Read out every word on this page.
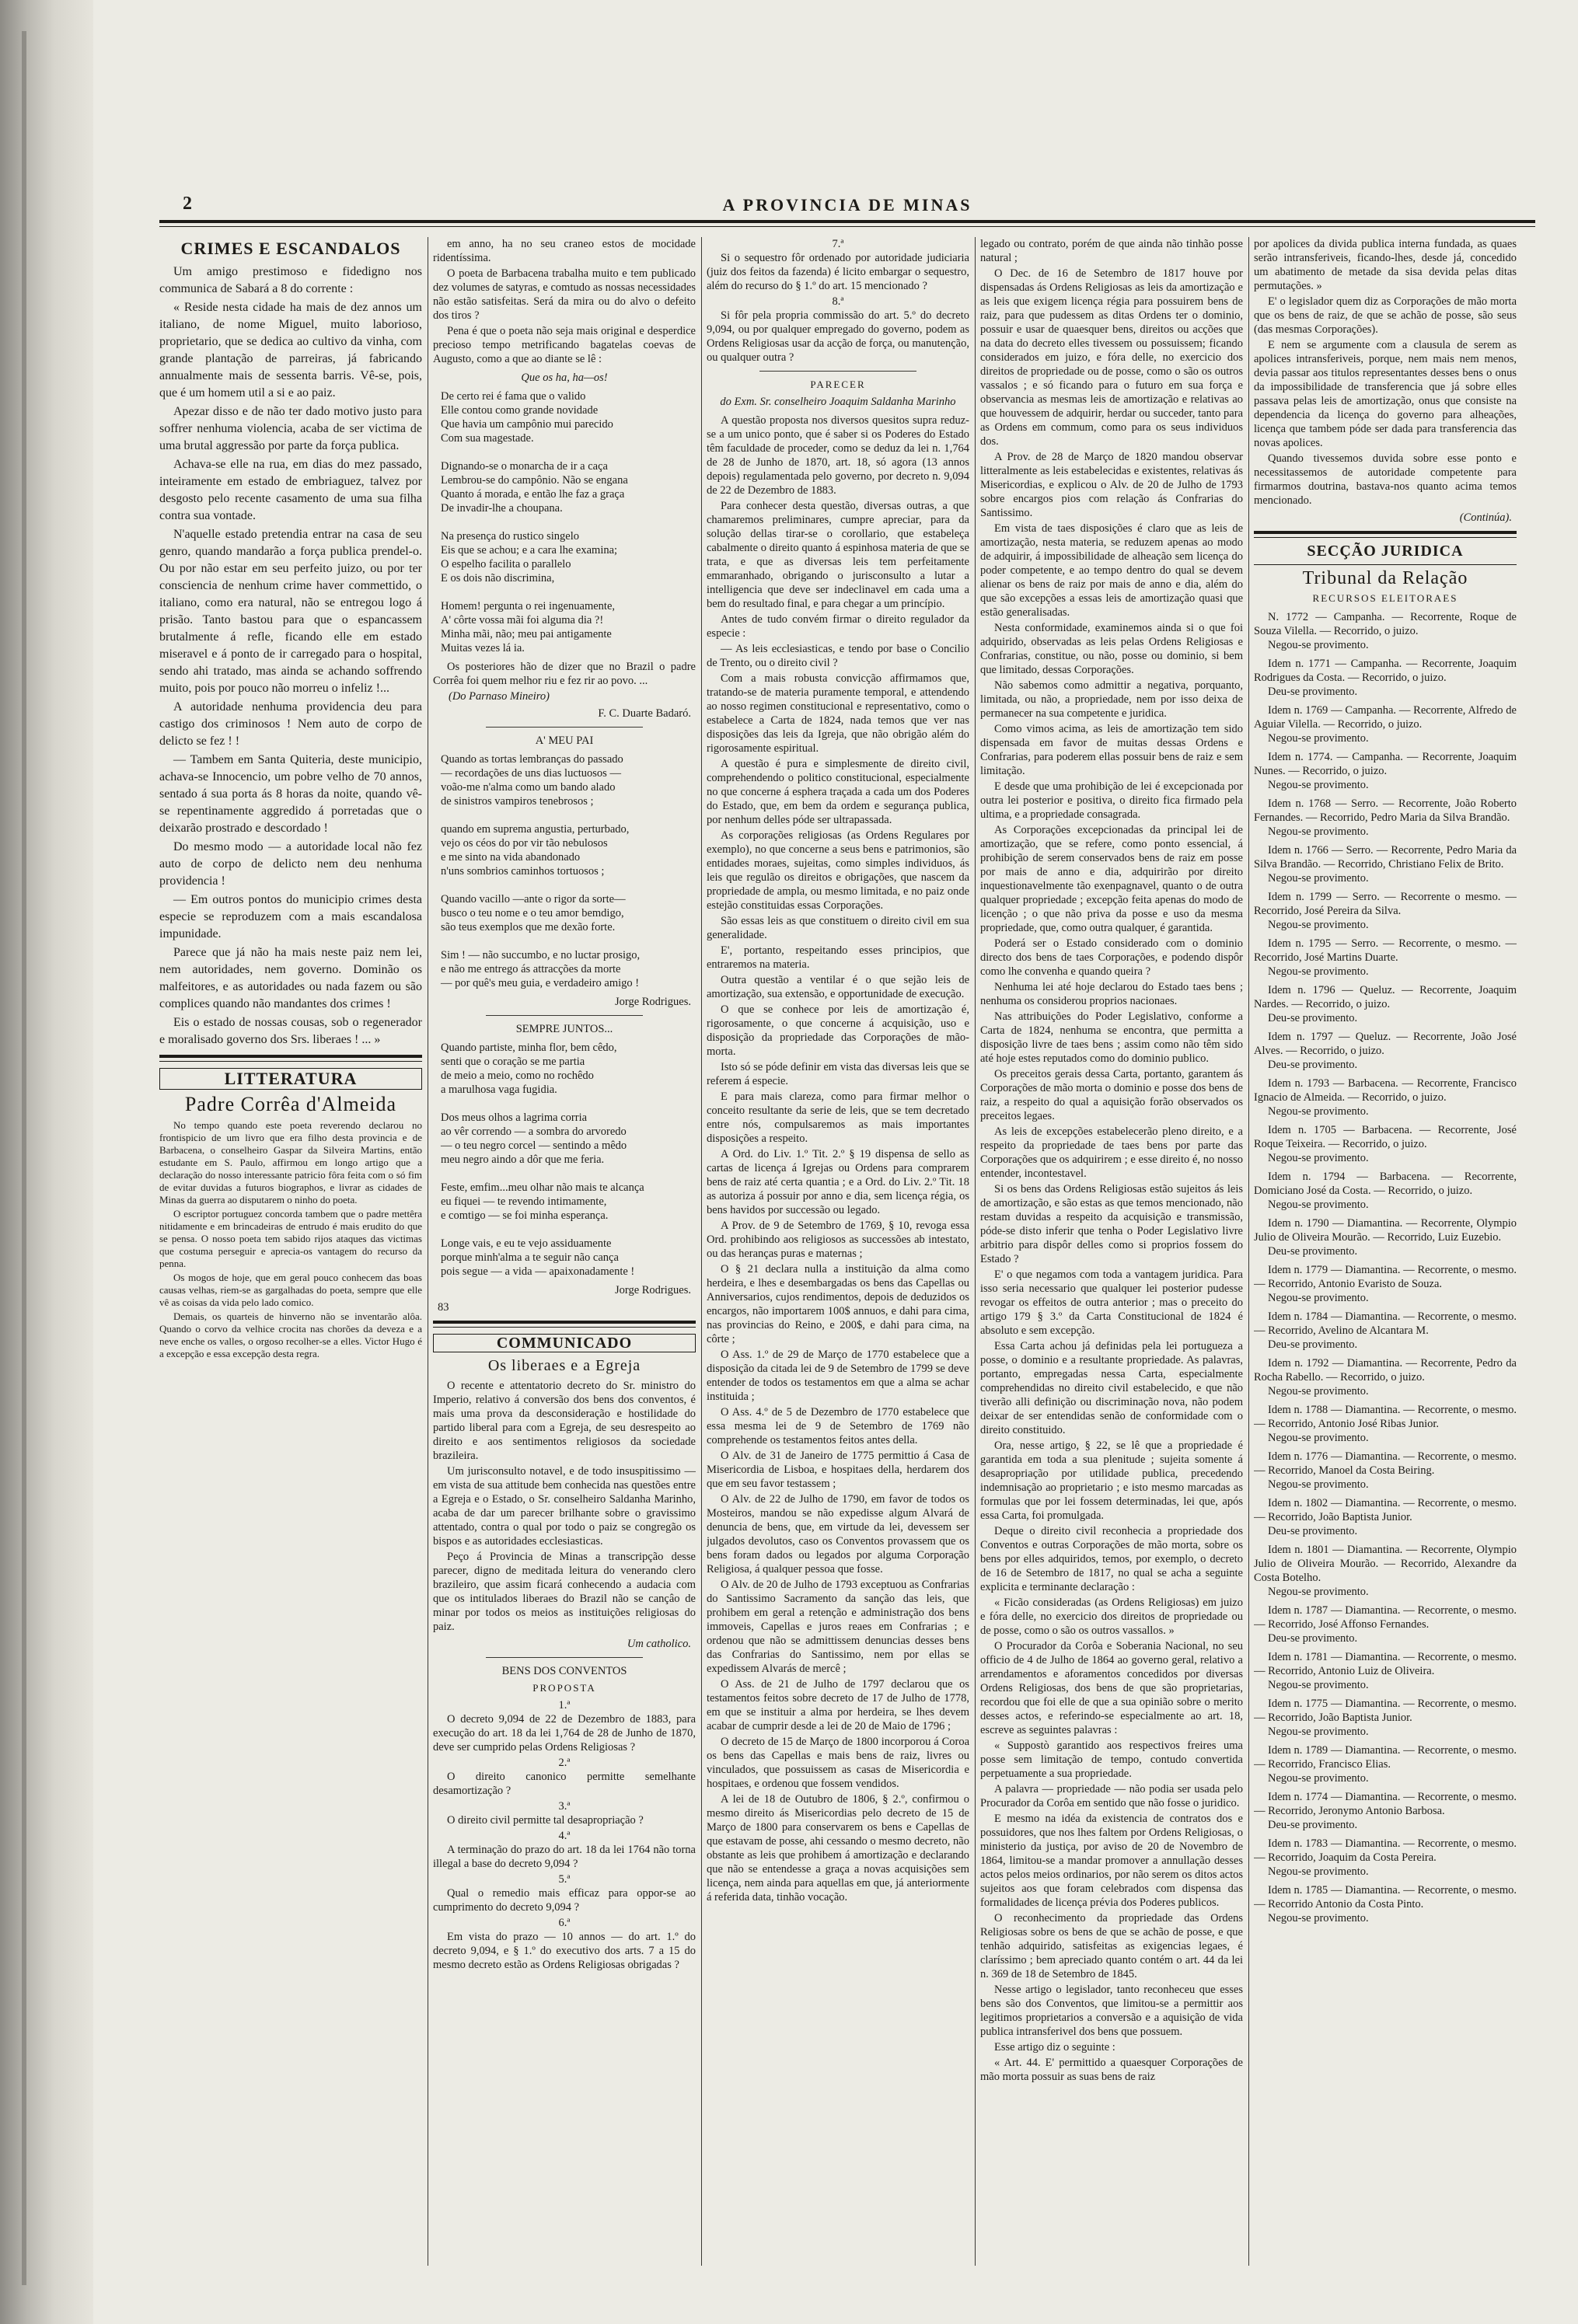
2	A PROVINCIA DE MINAS
CRIMES E ESCANDALOS

Um amigo prestimoso e fidedigno nos communica de Sabará a 8 do corrente :

« Reside nesta cidade ha mais de dez annos um italiano, de nome Miguel, muito laborioso, proprietario, que se dedica ao cultivo da vinha, com grande plantação de parreiras, já fabricando annualmente mais de sessenta barris. Vê-se, pois, que é um homem util a si e ao paiz.

Apezar disso e de não ter dado motivo justo para soffrer nenhuma violencia, acaba de ser victima de uma brutal aggressão por parte da força publica.

Achava-se elle na rua, em dias do mez passado, inteiramente em estado de embriaguez, talvez por desgosto pelo recente casamento de uma sua filha contra sua vontade.

N'aquelle estado pretendia entrar na casa de seu genro, quando mandarão a força publica prendel-o. Ou por não estar em seu perfeito juizo, ou por ter consciencia de nenhum crime haver commettido, o italiano, como era natural, não se entregou logo á prisão. Tanto bastou para que o espancassem brutalmente á refle, ficando elle em estado miseravel e á ponto de ir carregado para o hospital, sendo ahi tratado, mas ainda se achando soffrendo muito, pois por pouco não morreu o infeliz !...

A autoridade nenhuma providencia deu para castigo dos criminosos ! Nem auto de corpo de delicto se fez ! !

— Tambem em Santa Quiteria, deste municipio, achava-se Innocencio, um pobre velho de 70 annos, sentado á sua porta ás 8 horas da noite, quando vê-se repentinamente aggredido á porretadas que o deixarão prostrado e descordado !

Do mesmo modo — a autoridade local não fez auto de corpo de delicto nem deu nenhuma providencia !

— Em outros pontos do municipio crimes desta especie se reproduzem com a mais escandalosa impunidade.

Parece que já não ha mais neste paiz nem lei, nem autoridades, nem governo. Dominão os malfeitores, e as autoridades ou nada fazem ou são complices quando não mandantes dos crimes !

Eis o estado de nossas cousas, sob o regenerador e moralisado governo dos Srs. liberaes ! ... »

LITTERATURA
Padre Corrêa d'Almeida

No tempo quando este poeta reverendo declarou no frontispicio de um livro que era filho desta provincia e de Barbacena, o conselheiro Gaspar da Silveira Martins, então estudante em S. Paulo, affirmou em longo artigo que a declaração do nosso interessante patricio fôra feita com o só fim de evitar duvidas a futuros biographos, e livrar as cidades de Minas da guerra ao disputarem o ninho do poeta.

O escriptor portuguez concorda tambem que o padre mettêra nitidamente e em brincadeiras de entrudo é mais erudito do que se pensa. O nosso poeta tem sabido rijos ataques das victimas que costuma perseguir e aprecia-os vantagem do recurso da penna.

Os mogos de hoje, que em geral pouco conhecem das boas causas velhas, riem-se as gargalhadas do poeta, sempre que elle vê as coisas da vida pelo lado comico.

Demais, os quarteis de hinverno não se inventarão alôa. Quando o corvo da velhice crocita nas chorões da deveza e a neve enche os valles, o orgoso recolher-se a elles. Victor Hugo é a excepção e essa excepção desta regra.

em anno, ha no seu craneo estos de mocidade ridentíssima.

O poeta de Barbacena trabalha muito e tem publicado dez volumes de satyras, e comtudo as nossas necessidades não estão satisfeitas. Será da mira ou do alvo o defeito dos tiros ?

Pena é que o poeta não seja mais original e desperdice precioso tempo metrificando bagatelas coevas de Augusto, como a que ao diante se lê :

Que os ha, ha—os!
De certo rei é fama que o valido
Elle contou como grande novidade
Que havia um campônio mui parecido
Com sua magestade.

Dignando-se o monarcha de ir a caça
Lembrou-se do campônio. Não se engana
Quanto á morada, e então lhe faz a graça
De invadir-lhe a choupana.

Na presença do rustico singelo
Eis que se achou; e a cara lhe examina;
O espelho facilita o parallelo
E os dois não discrimina,

Homem! pergunta o rei ingenuamente,
A' côrte vossa mãi foi alguma dia ?!
Minha mãi, não; meu pai antigamente
Muitas vezes lá ia.

Os posteriores hão de dizer que no Brazil o padre Corrêa foi quem melhor riu e fez rir ao povo. ...

(Do Parnaso Mineiro)
F. C. Duarte Badaró.
A' MEU PAI
Quando as tortas lembranças do passado
— recordações de uns dias luctuosos —
voão-me n'alma como um bando alado
de sinistros vampiros tenebrosos ;

quando em suprema angustia, perturbado,
vejo os céos do por vir tão nebulosos
e me sinto na vida abandonado
n'uns sombrios caminhos tortuosos ;

Quando vacillo —ante o rigor da sorte—
busco o teu nome e o teu amor bemdigo,
são teus exemplos que me dexão forte.

Sim ! — não succumbo, e no luctar prosigo,
e não me entrego ás attracções da morte
— por quê's meu guia, e verdadeiro amigo !
Jorge Rodrigues.
SEMPRE JUNTOS...
Quando partiste, minha flor, bem cêdo,
senti que o coração se me partia
de meio a meio, como no rochêdo
a marulhosa vaga fugidia.

Dos meus olhos a lagrima corria
ao vêr correndo — a sombra do arvoredo
— o teu negro corcel — sentindo a mêdo
meu negro aindo a dôr que me feria.

Feste, emfim...meu olhar não mais te alcança
eu fiquei — te revendo intimamente,
e comtigo — se foi minha esperança.

Longe vais, e eu te vejo assiduamente
porque minh'alma a te seguir não cança
pois segue — a vida — apaixonadamente !
Jorge Rodrigues.
83
COMMUNICADO
Os liberaes e a Egreja

O recente e attentatorio decreto do Sr. ministro do Imperio, relativo á conversão dos bens dos conventos, é mais uma prova da desconsideração e hostilidade do partido liberal para com a Egreja, de seu desrespeito ao direito e aos sentimentos religiosos da sociedade brazileira.

Um jurisconsulto notavel, e de todo insuspitissimo — em vista de sua attitude bem conhecida nas questões entre a Egreja e o Estado, o Sr. conselheiro Saldanha Marinho, acaba de dar um parecer brilhante sobre o gravissimo attentado, contra o qual por todo o paiz se congregão os bispos e as autoridades ecclesiasticas.

Peço á Provincia de Minas a transcripção desse parecer, digno de meditada leitura do venerando clero brazileiro, que assim ficará conhecendo a audacia com que os intitulados liberaes do Brazil não se cançâo de minar por todos os meios as instituições religiosas do paiz.

Um catholico.
BENS DOS CONVENTOS
PROPOSTA
1.ª

O decreto 9,094 de 22 de Dezembro de 1883, para execução do art. 18 da lei 1,764 de 28 de Junho de 1870, deve ser cumprido pelas Ordens Religiosas ?

2.ª

O direito canonico permitte semelhante desamortização ?

3.ª

O direito civil permitte tal desapropriação ?

4.ª

A terminação do prazo do art. 18 da lei 1764 não torna illegal a base do decreto 9,094 ?

5.ª

Qual o remedio mais efficaz para oppor-se ao cumprimento do decreto 9,094 ?

6.ª

Em vista do prazo — 10 annos — do art. 1.º do decreto 9,094, e § 1.º do executivo dos arts. 7 a 15 do mesmo decreto estão as Ordens Religiosas obrigadas ?

7.ª

Si o sequestro fôr ordenado por autoridade judiciaria (juiz dos feitos da fazenda) é licito embargar o sequestro, além do recurso do § 1.º do art. 15 mencionado ?

8.ª

Si fôr pela propria commissão do art. 5.º do decreto 9,094, ou por qualquer empregado do governo, podem as Ordens Religiosas usar da acção de força, ou manutenção, ou qualquer outra ?

PARECER
do Exm. Sr. conselheiro Joaquim Saldanha Marinho

A questão proposta nos diversos quesitos supra reduz-se a um unico ponto, que é saber si os Poderes do Estado têm faculdade de proceder, como se deduz da lei n. 1,764 de 28 de Junho de 1870, art. 18, só agora (13 annos depois) regulamentada pelo governo, por decreto n. 9,094 de 22 de Dezembro de 1883.

Para conhecer desta questão, diversas outras, a que chamaremos preliminares, cumpre apreciar, para da solução dellas tirar-se o corollario, que estabeleça cabalmente o direito quanto á espinhosa materia de que se trata, e que as diversas leis tem perfeitamente emmaranhado, obrigando o jurisconsulto a lutar a intelligencia que deve ser indeclinavel em cada uma a bem do resultado final, e para chegar a um princípio.

Antes de tudo convém firmar o direito regulador da especie :

— As leis ecclesiasticas, e tendo por base o Concilio de Trento, ou o direito civil ?

Com a mais robusta convicção affirmamos que, tratando-se de materia puramente temporal, e attendendo ao nosso regimen constitucional e representativo, como o estabelece a Carta de 1824, nada temos que ver nas disposições das leis da Igreja, que não obrigão além do rigorosamente espiritual.

A questão é pura e simplesmente de direito civil, comprehendendo o politico constitucional, especialmente no que concerne á esphera traçada a cada um dos Poderes do Estado, que, em bem da ordem e segurança publica, por nenhum delles póde ser ultrapassada.

As corporações religiosas (as Ordens Regulares por exemplo), no que concerne a seus bens e patrimonios, são entidades moraes, sujeitas, como simples individuos, ás leis que regulão os direitos e obrigações, que nascem da propriedade de ampla, ou mesmo limitada, e no paiz onde estejão constituidas essas Corporações.

São essas leis as que constituem o direito civil em sua generalidade.

E', portanto, respeitando esses principios, que entraremos na materia.

Outra questão a ventilar é o que sejão leis de amortização, sua extensão, e opportunidade de execução.

O que se conhece por leis de amortização é, rigorosamente, o que concerne á acquisição, uso e disposição da propriedade das Corporações de mão-morta.

Isto só se póde definir em vista das diversas leis que se referem á especie.

E para mais clareza, como para firmar melhor o conceito resultante da serie de leis, que se tem decretado entre nós, compulsaremos as mais importantes disposições a respeito.

A Ord. do Liv. 1.º Tit. 2.º § 19 dispensa de sello as cartas de licença á Igrejas ou Ordens para comprarem bens de raiz até certa quantia ; e a Ord. do Liv. 2.º Tit. 18 as autoriza á possuir por anno e dia, sem licença régia, os bens havidos por successão ou legado.

A Prov. de 9 de Setembro de 1769, § 10, revoga essa Ord. prohibindo aos religiosos as successões ab intestato, ou das heranças puras e maternas ;

O § 21 declara nulla a instituição da alma como herdeira, e lhes e desembargadas os bens das Capellas ou Anniversarios, cujos rendimentos, depois de deduzidos os encargos, não importarem 100$ annuos, e dahi para cima, nas provincias do Reino, e 200$, e dahi para cima, na côrte ;

O Ass. 1.º de 29 de Março de 1770 estabelece que a disposição da citada lei de 9 de Setembro de 1799 se deve entender de todos os testamentos em que a alma se achar instituida ;

O Ass. 4.º de 5 de Dezembro de 1770 estabelece que essa mesma lei de 9 de Setembro de 1769 não comprehende os testamentos feitos antes della.

O Alv. de 31 de Janeiro de 1775 permittio á Casa de Misericordia de Lisboa, e hospitaes della, herdarem dos que em seu favor testassem ;

O Alv. de 22 de Julho de 1790, em favor de todos os Mosteiros, mandou se não expedisse algum Alvará de denuncia de bens, que, em virtude da lei, devessem ser julgados devolutos, caso os Conventos provassem que os bens foram dados ou legados por alguma Corporação Religiosa, á qualquer pessoa que fosse.

O Alv. de 20 de Julho de 1793 exceptuou as Confrarias do Santissimo Sacramento da sanção das leis, que prohibem em geral a retenção e administração dos bens immoveis, Capellas e juros reaes em Confrarias ; e ordenou que não se admittissem denuncias desses bens das Confrarias do Santissimo, nem por ellas se expedissem Alvarás de mercê ;

O Ass. de 21 de Julho de 1797 declarou que os testamentos feitos sobre decreto de 17 de Julho de 1778, em que se instituir a alma por herdeira, se lhes devem acabar de cumprir desde a lei de 20 de Maio de 1796 ;

O decreto de 15 de Março de 1800 incorporou á Coroa os bens das Capellas e mais bens de raiz, livres ou vinculados, que possuissem as casas de Misericordia e hospitaes, e ordenou que fossem vendidos.

A lei de 18 de Outubro de 1806, § 2.º, confirmou o mesmo direito ás Misericordias pelo decreto de 15 de Março de 1800 para conservarem os bens e Capellas de que estavam de posse, ahi cessando o mesmo decreto, não obstante as leis que prohibem á amortização e declarando que não se entendesse a graça a novas acquisições sem licença, nem ainda para aquellas em que, já anteriormente á referida data, tinhão vocação.

legado ou contrato, porém de que ainda não tinhão posse natural ;

O Dec. de 16 de Setembro de 1817 houve por dispensadas ás Ordens Religiosas as leis da amortização e as leis que exigem licença régia para possuirem bens de raiz, para que pudessem as ditas Ordens ter o dominio, possuir e usar de quaesquer bens, direitos ou acções que na data do decreto elles tivessem ou possuissem; ficando considerados em juizo, e fóra delle, no exercicio dos direitos de propriedade ou de posse, como o são os outros vassalos ; e só ficando para o futuro em sua força e observancia as mesmas leis de amortização e relativas ao que houvessem de adquirir, herdar ou succeder, tanto para as Ordens em commum, como para os seus individuos dos.

A Prov. de 28 de Março de 1820 mandou observar litteralmente as leis estabelecidas e existentes, relativas ás Misericordias, e explicou o Alv. de 20 de Julho de 1793 sobre encargos pios com relação ás Confrarias do Santissimo.

Em vista de taes disposições é claro que as leis de amortização, nesta materia, se reduzem apenas ao modo de adquirir, á impossibilidade de alheação sem licença do poder competente, e ao tempo dentro do qual se devem alienar os bens de raiz por mais de anno e dia, além do que são excepções a essas leis de amortização quasi que estão generalisadas.

Nesta conformidade, examinemos ainda si o que foi adquirido, observadas as leis pelas Ordens Religiosas e Confrarias, constitue, ou não, posse ou dominio, si bem que limitado, dessas Corporações.

Não sabemos como admittir a negativa, porquanto, limitada, ou não, a propriedade, nem por isso deixa de permanecer na sua competente e juridica.

Como vimos acima, as leis de amortização tem sido dispensada em favor de muitas dessas Ordens e Confrarias, para poderem ellas possuir bens de raiz e sem limitação.

E desde que uma prohibição de lei é excepcionada por outra lei posterior e positiva, o direito fica firmado pela ultima, e a propriedade consagrada.

As Corporações excepcionadas da principal lei de amortização, que se refere, como ponto essencial, á prohibição de serem conservados bens de raiz em posse por mais de anno e dia, adquirirão por direito inquestionavelmente tão exenpagnavel, quanto o de outra qualquer propriedade ; excepção feita apenas do modo de licenção ; o que não priva da posse e uso da mesma propriedade, que, como outra qualquer, é garantida.

Poderá ser o Estado considerado com o dominio directo dos bens de taes Corporações, e podendo dispôr como lhe convenha e quando queira ?

Nenhuma lei até hoje declarou do Estado taes bens ; nenhuma os considerou proprios nacionaes.

Nas attribuições do Poder Legislativo, conforme a Carta de 1824, nenhuma se encontra, que permitta a disposição livre de taes bens ; assim como não têm sido até hoje estes reputados como do dominio publico.

Os preceitos gerais dessa Carta, portanto, garantem ás Corporações de mão morta o dominio e posse dos bens de raiz, a respeito do qual a aquisição forão observados os preceitos legaes.

As leis de excepções estabelecerão pleno direito, e a respeito da propriedade de taes bens por parte das Corporações que os adquirirem ; e esse direito é, no nosso entender, incontestavel.

Si os bens das Ordens Religiosas estão sujeitos ás leis de amortização, e são estas as que temos mencionado, não restam duvidas a respeito da acquisição e transmissão, póde-se disto inferir que tenha o Poder Legislativo livre arbitrio para dispôr delles como si proprios fossem do Estado ?

E' o que negamos com toda a vantagem juridica. Para isso seria necessario que qualquer lei posterior pudesse revogar os effeitos de outra anterior ; mas o preceito do artigo 179 § 3.º da Carta Constitucional de 1824 é absoluto e sem excepção.

Essa Carta achou já definidas pela lei portugueza a posse, o dominio e a resultante propriedade. As palavras, portanto, empregadas nessa Carta, especialmente comprehendidas no direito civil estabelecido, e que não tiverão alli definição ou discriminação nova, não podem deixar de ser entendidas senão de conformidade com o direito constituido.

Ora, nesse artigo, § 22, se lê que a propriedade é garantida em toda a sua plenitude ; sujeita somente á desapropriação por utilidade publica, precedendo indemnisação ao proprietario ; e isto mesmo marcadas as formulas que por lei fossem determinadas, lei que, após essa Carta, foi promulgada.

Deque o direito civil reconhecia a propriedade dos Conventos e outras Corporações de mão morta, sobre os bens por elles adquiridos, temos, por exemplo, o decreto de 16 de Setembro de 1817, no qual se acha a seguinte explicita e terminante declaração :

« Ficão consideradas (as Ordens Religiosas) em juizo e fóra delle, no exercicio dos direitos de propriedade ou de posse, como o são os outros vassallos. »

O Procurador da Corôa e Soberania Nacional, no seu officio de 4 de Julho de 1864 ao governo geral, relativo a arrendamentos e aforamentos concedidos por diversas Ordens Religiosas, dos bens de que são proprietarias, recordou que foi elle de que a sua opinião sobre o merito desses actos, e referindo-se especialmente ao art. 18, escreve as seguintes palavras :

« Suppostò garantido aos respectivos freires uma posse sem limitação de tempo, contudo convertida perpetuamente a sua propriedade.

A palavra — propriedade — não podia ser usada pelo Procurador da Corôa em sentido que não fosse o juridico.

E mesmo na idéa da existencia de contratos dos e possuidores, que nos lhes faltem por Ordens Religiosas, o ministerio da justiça, por aviso de 20 de Novembro de 1864, limitou-se a mandar promover a annullação desses actos pelos meios ordinarios, por não serem os ditos actos sujeitos aos que foram celebrados com dispensa das formalidades de licença prévia dos Poderes publicos.

O reconhecimento da propriedade das Ordens Religiosas sobre os bens de que se achão de posse, e que tenhão adquirido, satisfeitas as exigencias legaes, é claríssimo ; bem apreciado quanto contém o art. 44 da lei n. 369 de 18 de Setembro de 1845.

Nesse artigo o legislador, tanto reconheceu que esses bens são dos Conventos, que limitou-se a permittir aos legitimos proprietarios a conversão e a aquisição de vida publica intransferivel dos bens que possuem.

Esse artigo diz o seguinte :

« Art. 44. E' permittido a quaesquer Corporações de mão morta possuir as suas bens de raiz

por apolices da divida publica interna fundada, as quaes serão intransferiveis, ficando-lhes, desde já, concedido um abatimento de metade da sisa devida pelas ditas permutações. »

E' o legislador quem diz as Corporações de mão morta que os bens de raiz, de que se achão de posse, são seus (das mesmas Corporações).

E nem se argumente com a clausula de serem as apolices intransferiveis, porque, nem mais nem menos, devia passar aos titulos representantes desses bens o onus da impossibilidade de transferencia que já sobre elles passava pelas leis de amortização, onus que consiste na dependencia da licença do governo para alheações, licença que tambem póde ser dada para transferencia das novas apolices.

Quando tivessemos duvida sobre esse ponto e necessitassemos de autoridade competente para firmarmos doutrina, bastava-nos quanto acima temos mencionado.

(Continúa).
SECÇÃO JURIDICA
Tribunal da Relação
RECURSOS ELEITORAES
N. 1772 — Campanha. — Recorrente, Roque de Souza Vilella. — Recorrido, o juizo.
Negou-se provimento.
Idem n. 1771 — Campanha. — Recorrente, Joaquim Rodrigues da Costa. — Recorrido, o juizo.
Deu-se provimento.
Idem n. 1769 — Campanha. — Recorrente, Alfredo de Aguiar Vilella. — Recorrido, o juizo.
Negou-se provimento.
Idem n. 1774. — Campanha. — Recorrente, Joaquim Nunes. — Recorrido, o juizo.
Negou-se provimento.
Idem n. 1768 — Serro. — Recorrente, João Roberto Fernandes. — Recorrido, Pedro Maria da Silva Brandão.
Negou-se provimento.
Idem n. 1766 — Serro. — Recorrente, Pedro Maria da Silva Brandão. — Recorrido, Christiano Felix de Brito.
Negou-se provimento.
Idem n. 1799 — Serro. — Recorrente o mesmo. — Recorrido, José Pereira da Silva.
Negou-se provimento.
Idem n. 1795 — Serro. — Recorrente, o mesmo. — Recorrido, José Martins Duarte.
Negou-se provimento.
Idem n. 1796 — Queluz. — Recorrente, Joaquim Nardes. — Recorrido, o juizo.
Deu-se provimento.
Idem n. 1797 — Queluz. — Recorrente, João José Alves. — Recorrido, o juizo.
Deu-se provimento.
Idem n. 1793 — Barbacena. — Recorrente, Francisco Ignacio de Almeida. — Recorrido, o juizo.
Negou-se provimento.
Idem n. 1705 — Barbacena. — Recorrente, José Roque Teixeira. — Recorrido, o juizo.
Negou-se provimento.
Idem n. 1794 — Barbacena. — Recorrente, Domiciano José da Costa. — Recorrido, o juizo.
Negou-se provimento.
Idem n. 1790 — Diamantina. — Recorrente, Olympio Julio de Oliveira Mourão. — Recorrido, Luiz Euzebio.
Deu-se provimento.
Idem n. 1779 — Diamantina. — Recorrente, o mesmo. — Recorrido, Antonio Evaristo de Souza.
Negou-se provimento.
Idem n. 1784 — Diamantina. — Recorrente, o mesmo. — Recorrido, Avelino de Alcantara M.
Deu-se provimento.
Idem n. 1792 — Diamantina. — Recorrente, Pedro da Rocha Rabello. — Recorrido, o juizo.
Negou-se provimento.
Idem n. 1788 — Diamantina. — Recorrente, o mesmo. — Recorrido, Antonio José Ribas Junior.
Negou-se provimento.
Idem n. 1776 — Diamantina. — Recorrente, o mesmo. — Recorrido, Manoel da Costa Beiring.
Negou-se provimento.
Idem n. 1802 — Diamantina. — Recorrente, o mesmo. — Recorrido, João Baptista Junior.
Deu-se provimento.
Idem n. 1801 — Diamantina. — Recorrente, Olympio Julio de Oliveira Mourão. — Recorrido, Alexandre da Costa Botelho.
Negou-se provimento.
Idem n. 1787 — Diamantina. — Recorrente, o mesmo. — Recorrido, José Affonso Fernandes.
Deu-se provimento.
Idem n. 1781 — Diamantina. — Recorrente, o mesmo. — Recorrido, Antonio Luiz de Oliveira.
Negou-se provimento.
Idem n. 1775 — Diamantina. — Recorrente, o mesmo. — Recorrido, João Baptista Junior.
Negou-se provimento.
Idem n. 1789 — Diamantina. — Recorrente, o mesmo. — Recorrido, Francisco Elias.
Negou-se provimento.
Idem n. 1774 — Diamantina. — Recorrente, o mesmo. — Recorrido, Jeronymo Antonio Barbosa.
Deu-se provimento.
Idem n. 1783 — Diamantina. — Recorrente, o mesmo. — Recorrido, Joaquim da Costa Pereira.
Negou-se provimento.
Idem n. 1785 — Diamantina. — Recorrente, o mesmo. — Recorrido Antonio da Costa Pinto.
Negou-se provimento.
